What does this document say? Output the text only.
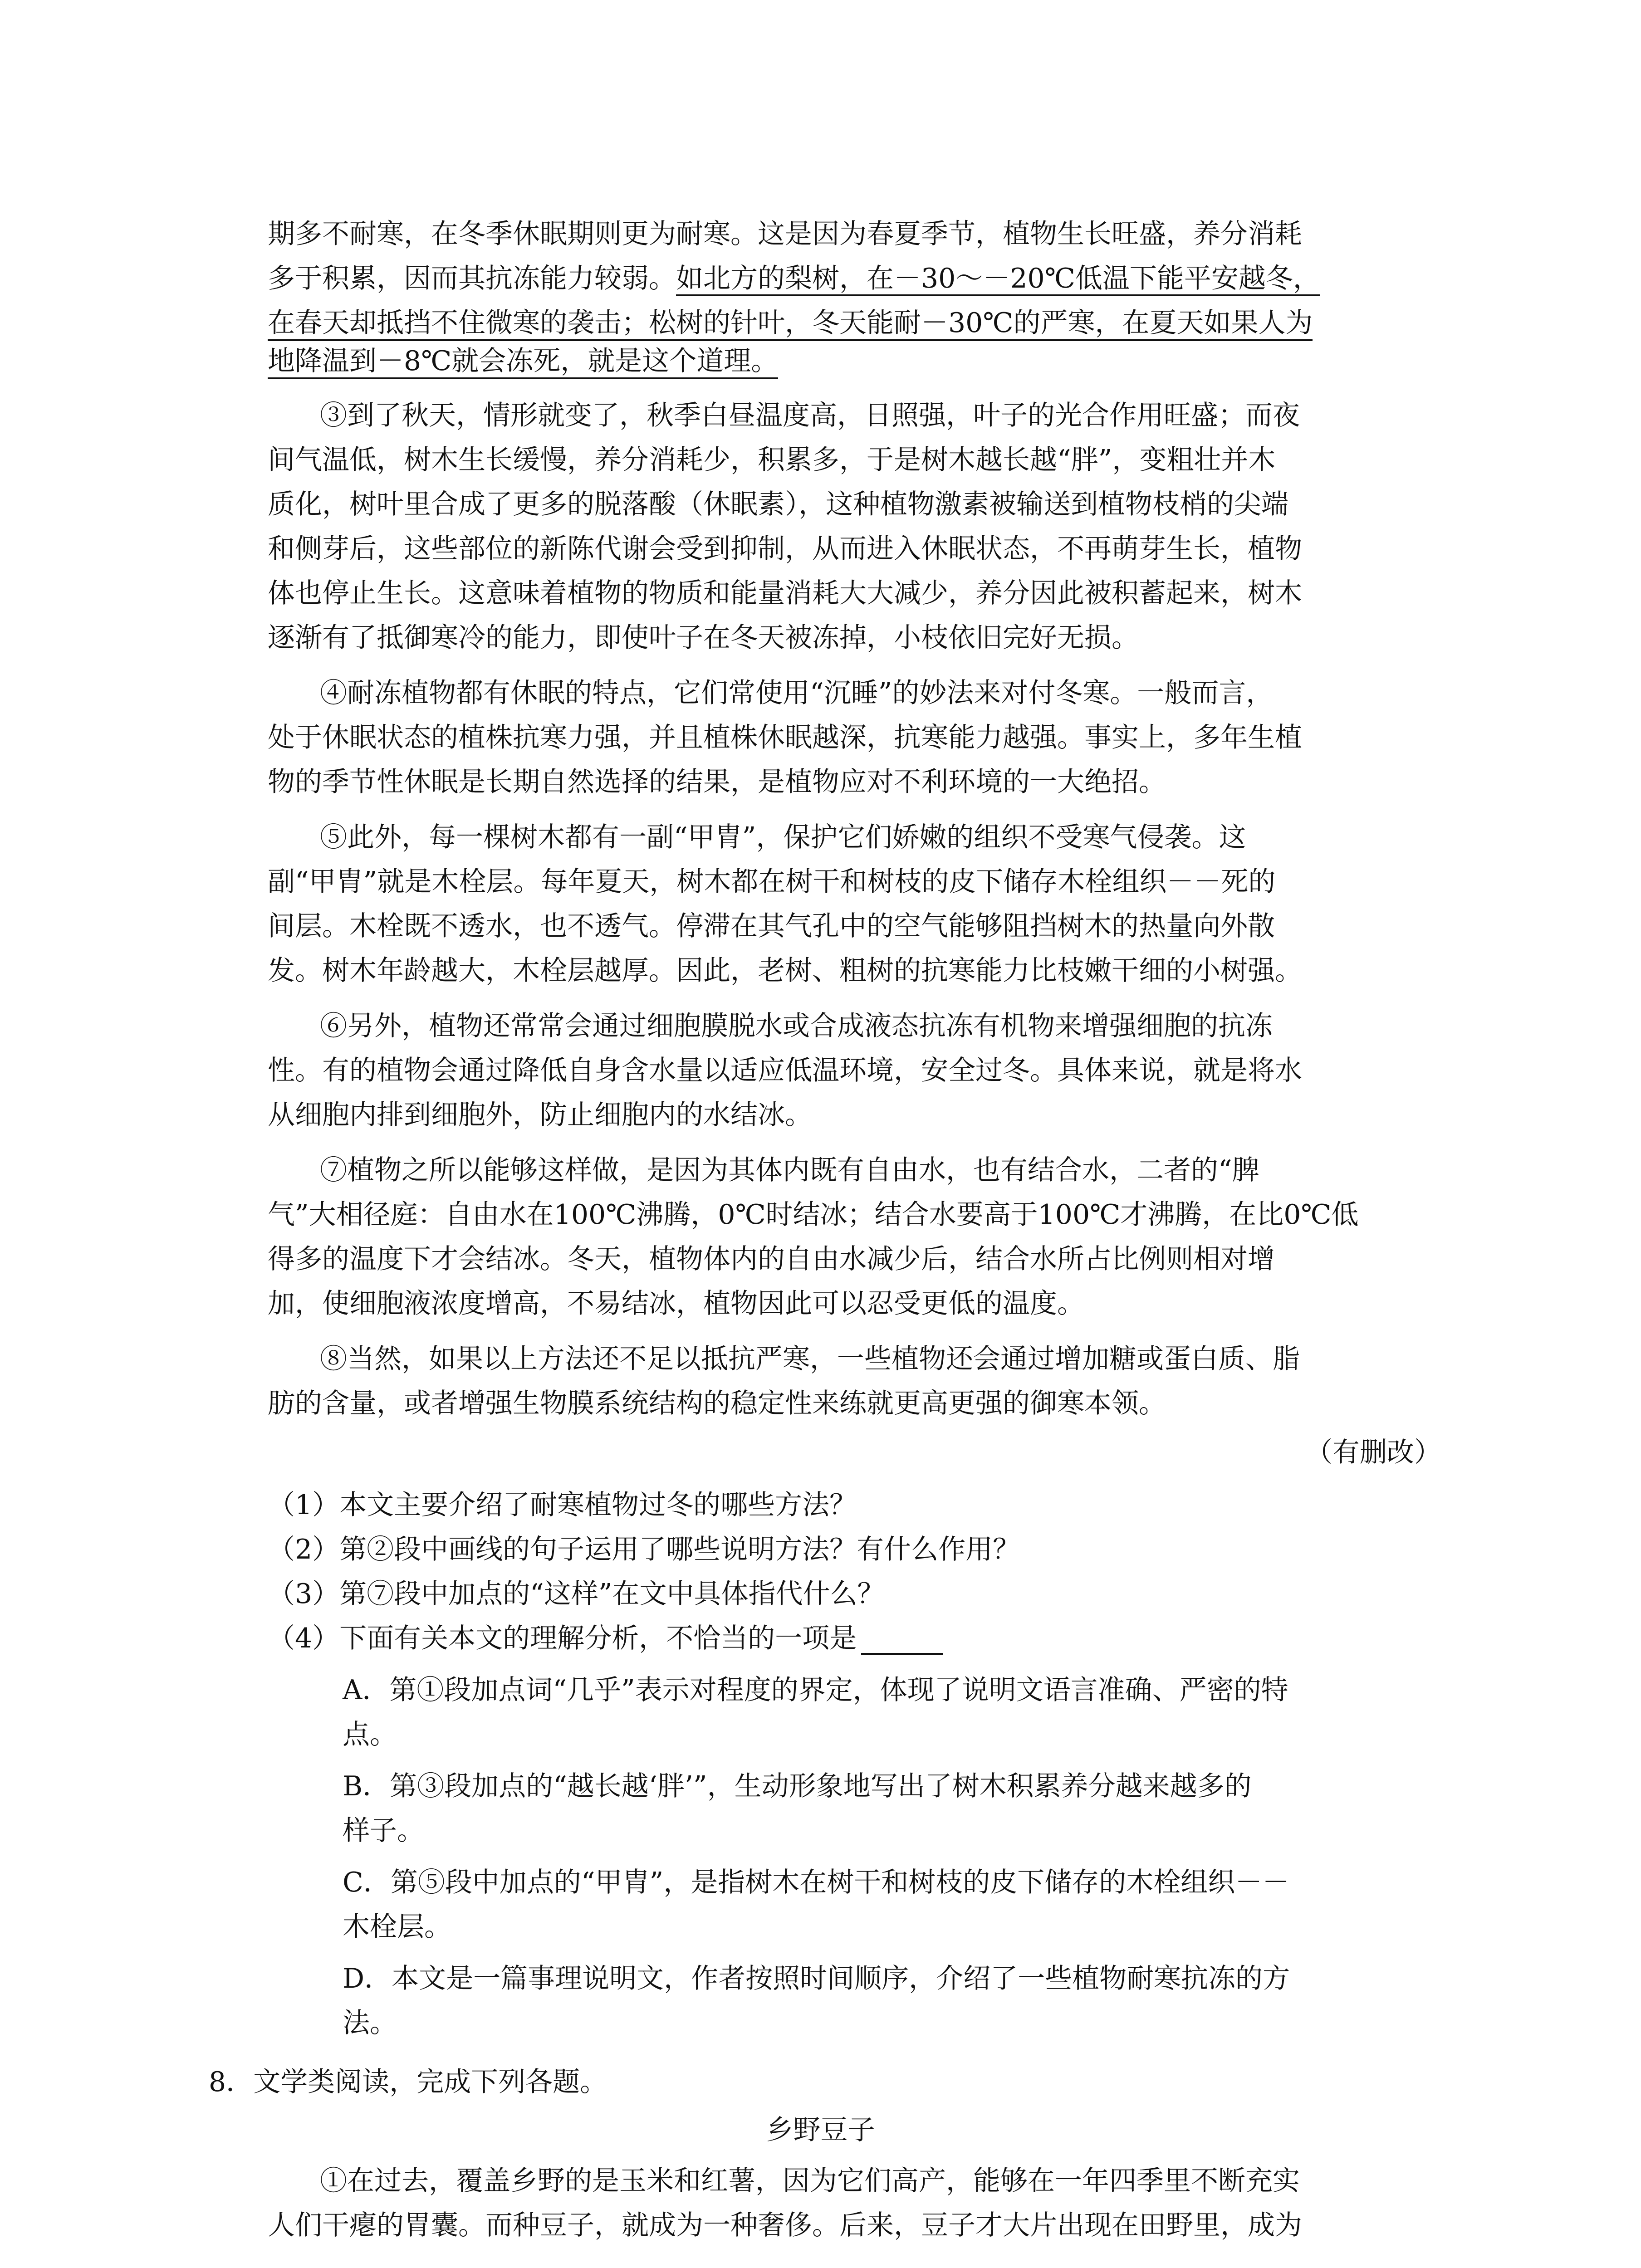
期多不耐寒，在冬季休眠期则更为耐寒。这是因为春夏季节，植物生长旺盛，养分消耗
多于积累，因而其抗冻能力较弱。如北方的梨树，在－30～－20℃低温下能平安越冬，
在春天却抵挡不住微寒的袭击；松树的针叶，冬天能耐－30℃的严寒，在夏天如果人为
地降温到－8℃就会冻死，就是这个道理。
③到了秋天，情形就变了，秋季白昼温度高，日照强，叶子的光合作用旺盛；而夜
间气温低，树木生长缓慢，养分消耗少，积累多，于是树木越长越“胖”，变粗壮并木
质化，树叶里合成了更多的脱落酸（休眠素），这种植物激素被输送到植物枝梢的尖端
和侧芽后，这些部位的新陈代谢会受到抑制，从而进入休眠状态，不再萌芽生长，植物
体也停止生长。这意味着植物的物质和能量消耗大大减少，养分因此被积蓄起来，树木
逐渐有了抵御寒冷的能力，即使叶子在冬天被冻掉，小枝依旧完好无损。
④耐冻植物都有休眠的特点，它们常使用“沉睡”的妙法来对付冬寒。一般而言，
处于休眠状态的植株抗寒力强，并且植株休眠越深，抗寒能力越强。事实上，多年生植
物的季节性休眠是长期自然选择的结果，是植物应对不利环境的一大绝招。
⑤此外，每一棵树木都有一副“甲胄”，保护它们娇嫩的组织不受寒气侵袭。这
副“甲胄”就是木栓层。每年夏天，树木都在树干和树枝的皮下储存木栓组织－－死的
间层。木栓既不透水，也不透气。停滞在其气孔中的空气能够阻挡树木的热量向外散
发。树木年龄越大，木栓层越厚。因此，老树、粗树的抗寒能力比枝嫩干细的小树强。
⑥另外，植物还常常会通过细胞膜脱水或合成液态抗冻有机物来增强细胞的抗冻
性。有的植物会通过降低自身含水量以适应低温环境，安全过冬。具体来说，就是将水
从细胞内排到细胞外，防止细胞内的水结冰。
⑦植物之所以能够这样做，是因为其体内既有自由水，也有结合水，二者的“脾
气”大相径庭：自由水在100℃沸腾，0℃时结冰；结合水要高于100℃才沸腾，在比0℃低
得多的温度下才会结冰。冬天，植物体内的自由水减少后，结合水所占比例则相对增
加，使细胞液浓度增高，不易结冰，植物因此可以忍受更低的温度。
⑧当然，如果以上方法还不足以抵抗严寒，一些植物还会通过增加糖或蛋白质、脂
肪的含量，或者增强生物膜系统结构的稳定性来练就更高更强的御寒本领。
（有删改）
（1）本文主要介绍了耐寒植物过冬的哪些方法？
（2）第②段中画线的句子运用了哪些说明方法？有什么作用？
（3）第⑦段中加点的“这样”在文中具体指代什么？
（4）下面有关本文的理解分析，不恰当的一项是
A．第①段加点词“几乎”表示对程度的界定，体现了说明文语言准确、严密的特
点。
B．第③段加点的“越长越‘胖’”，生动形象地写出了树木积累养分越来越多的
样子。
C．第⑤段中加点的“甲胄”，是指树木在树干和树枝的皮下储存的木栓组织－－
木栓层。
D．本文是一篇事理说明文，作者按照时间顺序，介绍了一些植物耐寒抗冻的方
法。
8．文学类阅读，完成下列各题。
乡野豆子
①在过去，覆盖乡野的是玉米和红薯，因为它们高产，能够在一年四季里不断充实
人们干瘪的胃囊。而种豆子，就成为一种奢侈。后来，豆子才大片出现在田野里，成为
